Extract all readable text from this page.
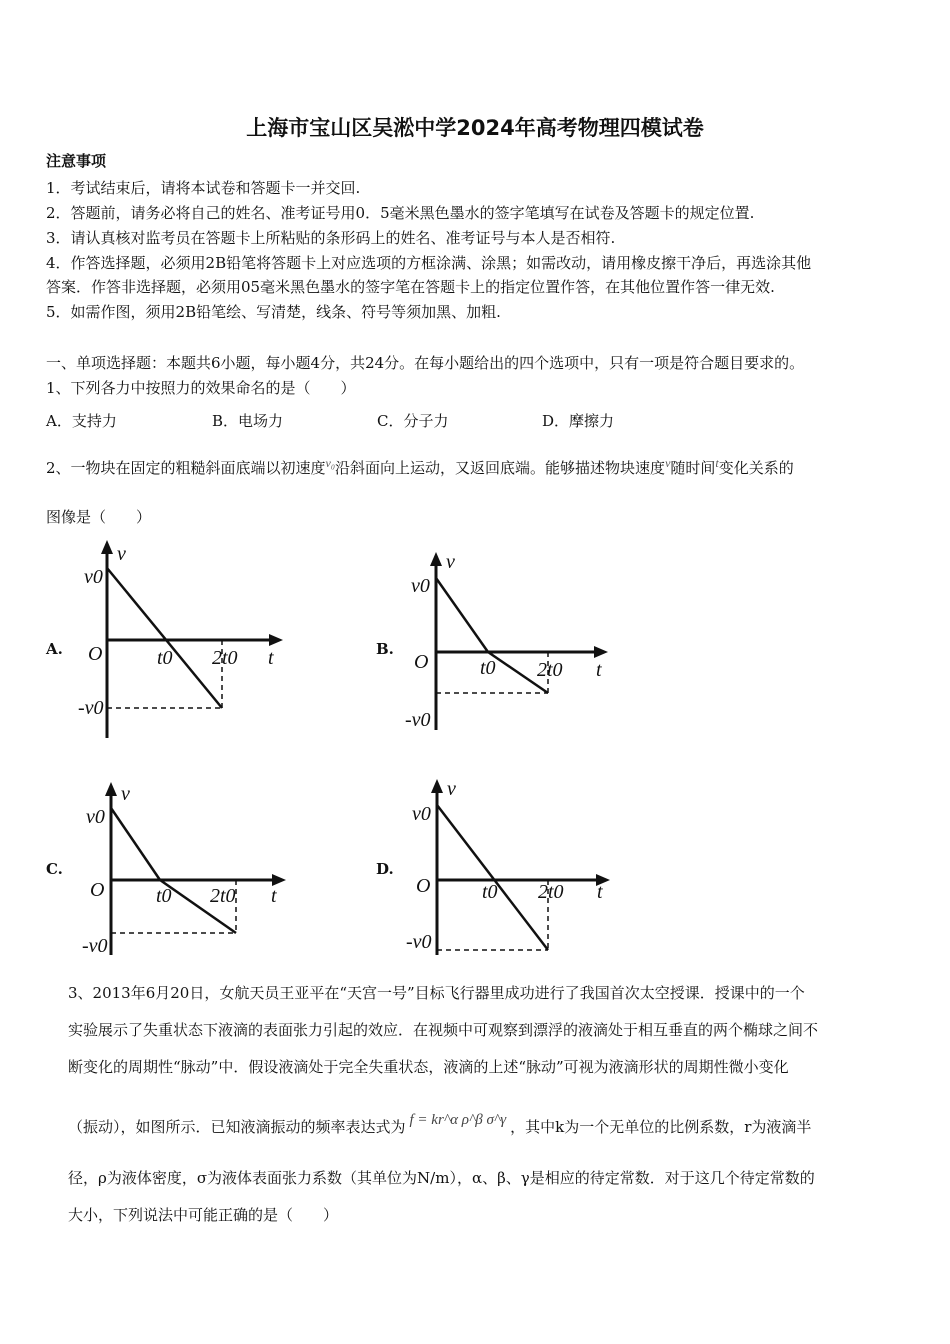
上海市宝山区吴淞中学2024年高考物理四模试卷
注意事项
1．考试结束后，请将本试卷和答题卡一并交回.
2．答题前，请务必将自己的姓名、准考证号用0．5毫米黑色墨水的签字笔填写在试卷及答题卡的规定位置.
3．请认真核对监考员在答题卡上所粘贴的条形码上的姓名、准考证号与本人是否相符.
4．作答选择题，必须用2B铅笔将答题卡上对应选项的方框涂满、涂黑；如需改动，请用橡皮擦干净后，再选涂其他
答案．作答非选择题，必须用05毫米黑色墨水的签字笔在答题卡上的指定位置作答，在其他位置作答一律无效.
5．如需作图，须用2B铅笔绘、写清楚，线条、符号等须加黑、加粗.
一、单项选择题：本题共6小题，每小题4分，共24分。在每小题给出的四个选项中，只有一项是符合题目要求的。
1、下列各力中按照力的效果命名的是（　　）
A．支持力	B．电场力	C．分子力	D．摩擦力
2、一物块在固定的粗糙斜面底端以初速度$^{v_0}$沿斜面向上运动，又返回底端。能够描述物块速度$^v$随时间$^t$变化关系的
图像是（　　）
A.
v
v0
O	t0 2t0 t
-v0
B.
v
v0
O	t0 2t0 t
-v0
C.
v
v0
O	t0 2t0 t
-v0
D.
v
v0
O	t0 2t0 t
-v0
3、2013年6月20日，女航天员王亚平在“天宫一号”目标飞行器里成功进行了我国首次太空授课．授课中的一个
实验展示了失重状态下液滴的表面张力引起的效应．在视频中可观察到漂浮的液滴处于相互垂直的两个椭球之间不
断变化的周期性“脉动”中．假设液滴处于完全失重状态，液滴的上述“脉动”可视为液滴形状的周期性微小变化
（振动），如图所示．已知液滴振动的频率表达式为 f = kr^α ρ^β σ^γ ，其中k为一个无单位的比例系数，r为液滴半
径，ρ为液体密度，σ为液体表面张力系数（其单位为N/m），α、β、γ是相应的待定常数．对于这几个待定常数的
大小，下列说法中可能正确的是（　　）
